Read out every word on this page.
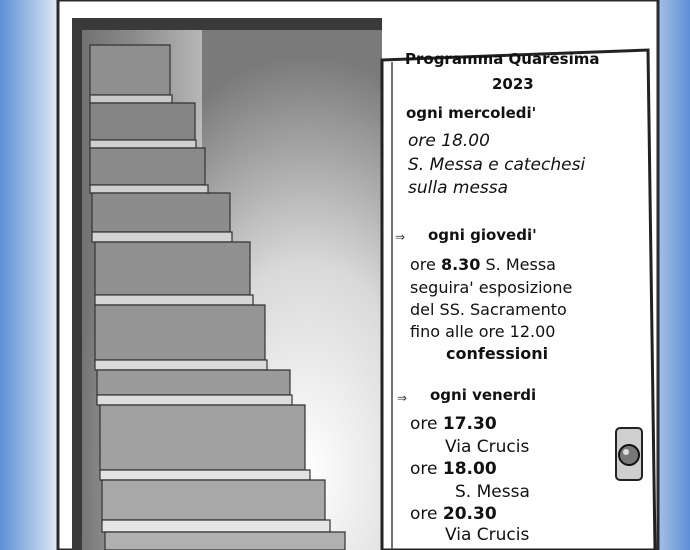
Programma Quaresima
2023
ogni mercoledi'
ore 18.00
S. Messa e catechesi
sulla messa
⇒ ogni giovedi'
ore 8.30 S. Messa
seguira' esposizione
del SS. Sacramento
fino alle ore 12.00
confessioni
⇒ ogni venerdi
ore 17.30
Via Crucis
ore 18.00
S. Messa
ore 20.30
Via Crucis
